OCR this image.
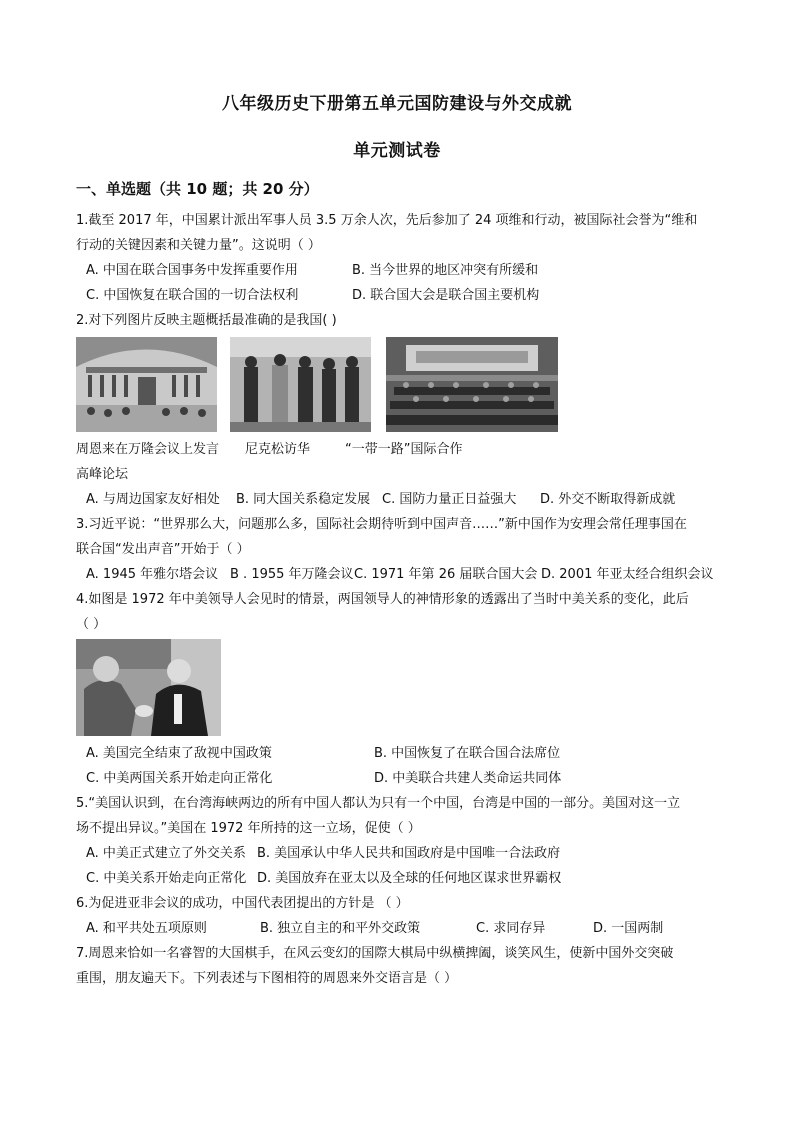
八年级历史下册第五单元国防建设与外交成就
单元测试卷
一、单选题（共 10 题；共 20 分）
1.截至 2017 年，中国累计派出军事人员 3.5 万余人次，先后参加了 24 项维和行动，被国际社会誉为“维和
行动的关键因素和关键力量”。这说明（ ）
A. 中国在联合国事务中发挥重要作用	B. 当今世界的地区冲突有所缓和
C. 中国恢复在联合国的一切合法权利	D. 联合国大会是联合国主要机构
2.对下列图片反映主题概括最准确的是我国( )
周恩来在万隆会议上发言 尼克松访华	“一带一路”国际合作
高峰论坛
A. 与周边国家友好相处 B. 同大国关系稳定发展 C. 国防力量正日益强大 D. 外交不断取得新成就
3.习近平说：“世界那么大，问题那么多，国际社会期待听到中国声音……”新中国作为安理会常任理事国在
联合国“发出声音”开始于（ ）
A. 1945 年雅尔塔会议 B . 1955 年万隆会议 C. 1971 年第 26 届联合国大会 D. 2001 年亚太经合组织会议
4.如图是 1972 年中美领导人会见时的情景，两国领导人的神情形象的透露出了当时中美关系的变化，此后
（ ）
A. 美国完全结束了敌视中国政策	B. 中国恢复了在联合国合法席位
C. 中美两国关系开始走向正常化	D. 中美联合共建人类命运共同体
5.“美国认识到，在台湾海峡两边的所有中国人都认为只有一个中国，台湾是中国的一部分。美国对这一立
场不提出异议。”美国在 1972 年所持的这一立场，促使（ ）
A. 中美正式建立了外交关系 B. 美国承认中华人民共和国政府是中国唯一合法政府
C. 中美关系开始走向正常化 D. 美国放弃在亚太以及全球的任何地区谋求世界霸权
6.为促进亚非会议的成功，中国代表团提出的方针是 （ ）
A. 和平共处五项原则	B. 独立自主的和平外交政策	C. 求同存异	D. 一国两制
7.周恩来恰如一名睿智的大国棋手，在风云变幻的国際大棋局中纵横捭阖，谈笑风生，使新中国外交突破
重围，朋友遍天下。下列表述与下图相符的周恩来外交语言是（ ）
